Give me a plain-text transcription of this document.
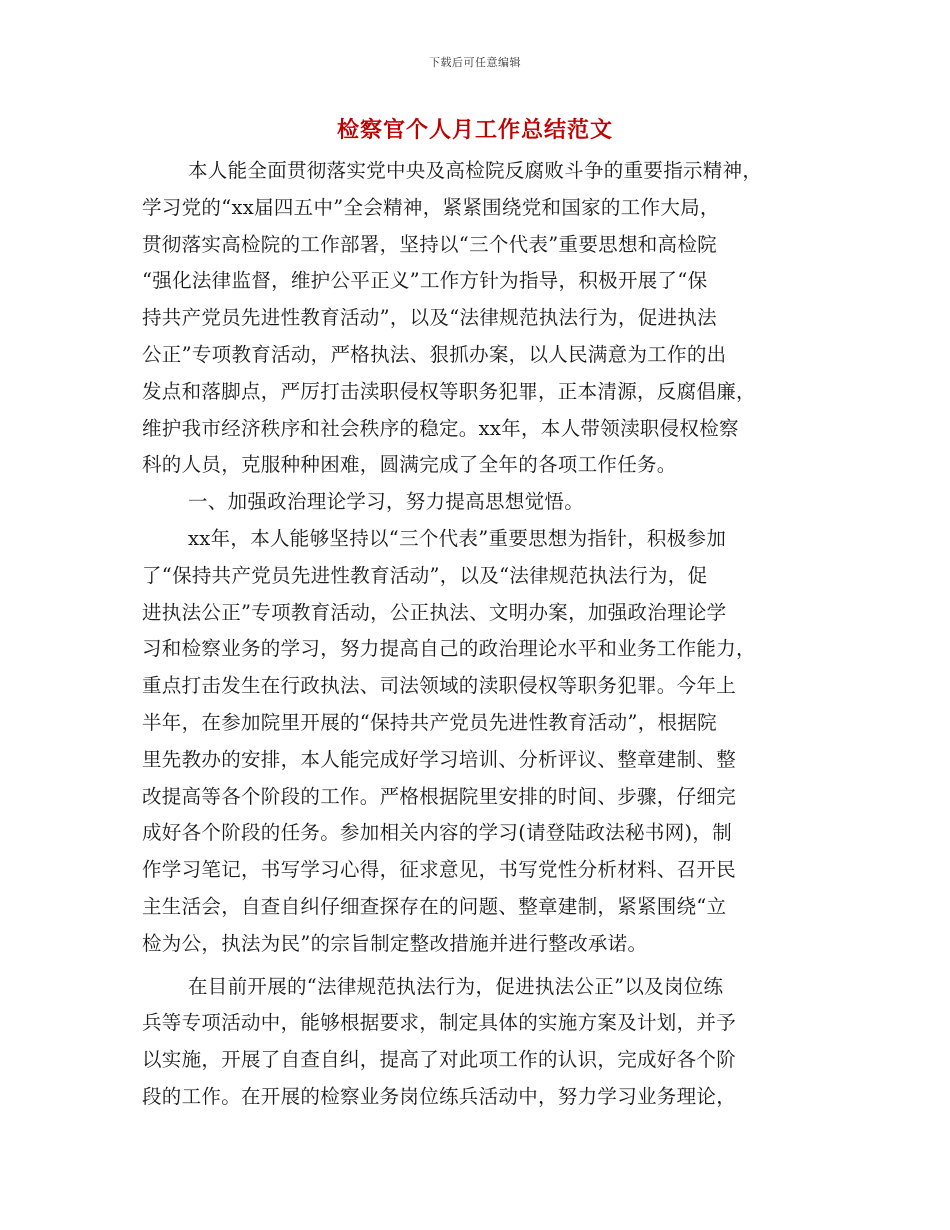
下载后可任意编辑
检察官个人月工作总结范文
本人能全面贯彻落实党中央及高检院反腐败斗争的重要指示精神，
学习党的“xx届四五中”全会精神，紧紧围绕党和国家的工作大局，
贯彻落实高检院的工作部署，坚持以“三个代表”重要思想和高检院
“强化法律监督，维护公平正义”工作方针为指导，积极开展了“保
持共产党员先进性教育活动”，以及“法律规范执法行为，促进执法
公正”专项教育活动，严格执法、狠抓办案，以人民满意为工作的出
发点和落脚点，严厉打击渎职侵权等职务犯罪，正本清源，反腐倡廉，
维护我市经济秩序和社会秩序的稳定。xx年，本人带领渎职侵权检察
科的人员，克服种种困难，圆满完成了全年的各项工作任务。
一、加强政治理论学习，努力提高思想觉悟。
xx年，本人能够坚持以“三个代表”重要思想为指针，积极参加
了“保持共产党员先进性教育活动”，以及“法律规范执法行为，促
进执法公正”专项教育活动，公正执法、文明办案，加强政治理论学
习和检察业务的学习，努力提高自己的政治理论水平和业务工作能力，
重点打击发生在行政执法、司法领域的渎职侵权等职务犯罪。今年上
半年，在参加院里开展的“保持共产党员先进性教育活动”，根据院
里先教办的安排，本人能完成好学习培训、分析评议、整章建制、整
改提高等各个阶段的工作。严格根据院里安排的时间、步骤，仔细完
成好各个阶段的任务。参加相关内容的学习(请登陆政法秘书网)，制
作学习笔记，书写学习心得，征求意见，书写党性分析材料、召开民
主生活会，自查自纠仔细查探存在的问题、整章建制，紧紧围绕“立
检为公，执法为民”的宗旨制定整改措施并进行整改承诺。
在目前开展的“法律规范执法行为，促进执法公正”以及岗位练
兵等专项活动中，能够根据要求，制定具体的实施方案及计划，并予
以实施，开展了自查自纠，提高了对此项工作的认识，完成好各个阶
段的工作。在开展的检察业务岗位练兵活动中，努力学习业务理论，
